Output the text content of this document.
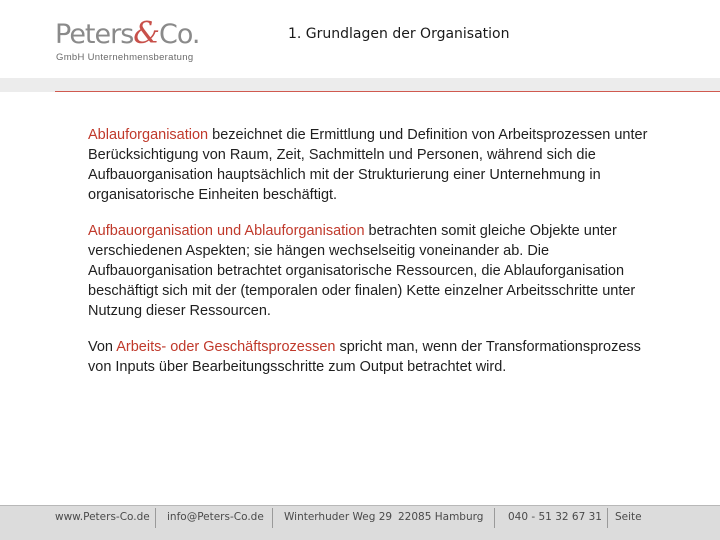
Peters&Co.
GmbH Unternehmensberatung
1. Grundlagen der Organisation

Ablauforganisation bezeichnet die Ermittlung und Definition von Arbeitsprozessen unter Berücksichtigung von Raum, Zeit, Sachmitteln und Personen, während sich die Aufbauorganisation hauptsächlich mit der Strukturierung einer Unternehmung in organisatorische Einheiten beschäftigt.

Aufbauorganisation und Ablauforganisation betrachten somit gleiche Objekte unter verschiedenen Aspekten; sie hängen wechselseitig voneinander ab. Die Aufbauorganisation betrachtet organisatorische Ressourcen, die Ablauforganisation beschäftigt sich mit der (temporalen oder finalen) Kette einzelner Arbeitsschritte unter Nutzung dieser Ressourcen.

Von Arbeits- oder Geschäftsprozessen spricht man, wenn der Transformationsprozess von Inputs über Bearbeitungsschritte zum Output betrachtet wird.

www.Peters-Co.de info@Peters-Co.de Winterhuder Weg 29 22085 Hamburg 040 - 51 32 67 31 Seite
